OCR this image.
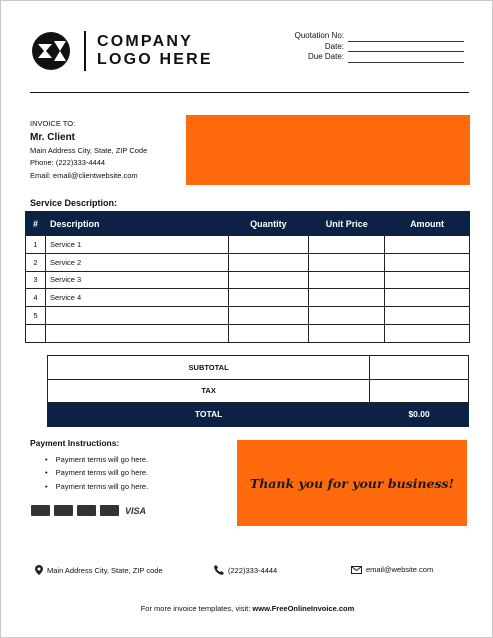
COMPANY
LOGO HERE
Quotation No:
Date:
Due Date:
INVOICE TO:
Mr. Client
Main Address City, State, ZIP Code
Phone: (222)333-4444
Email: email@clientwebsite.com
Service Description:
#	Description	Quantity	Unit Price	Amount
1	Service 1			
2	Service 2			
3	Service 3			
4	Service 4			
5				

SUBTOTAL	
TAX	
TOTAL	$0.00
Payment Instructions:
• Payment terms will go here.
• Payment terms will go here.
• Payment terms will go here.
VISA
Thank you for your business!
Main Address City, State, ZIP code	(222)333-4444	email@website.com
For more invoice templates, visit: www.FreeOnlineInvoice.com
